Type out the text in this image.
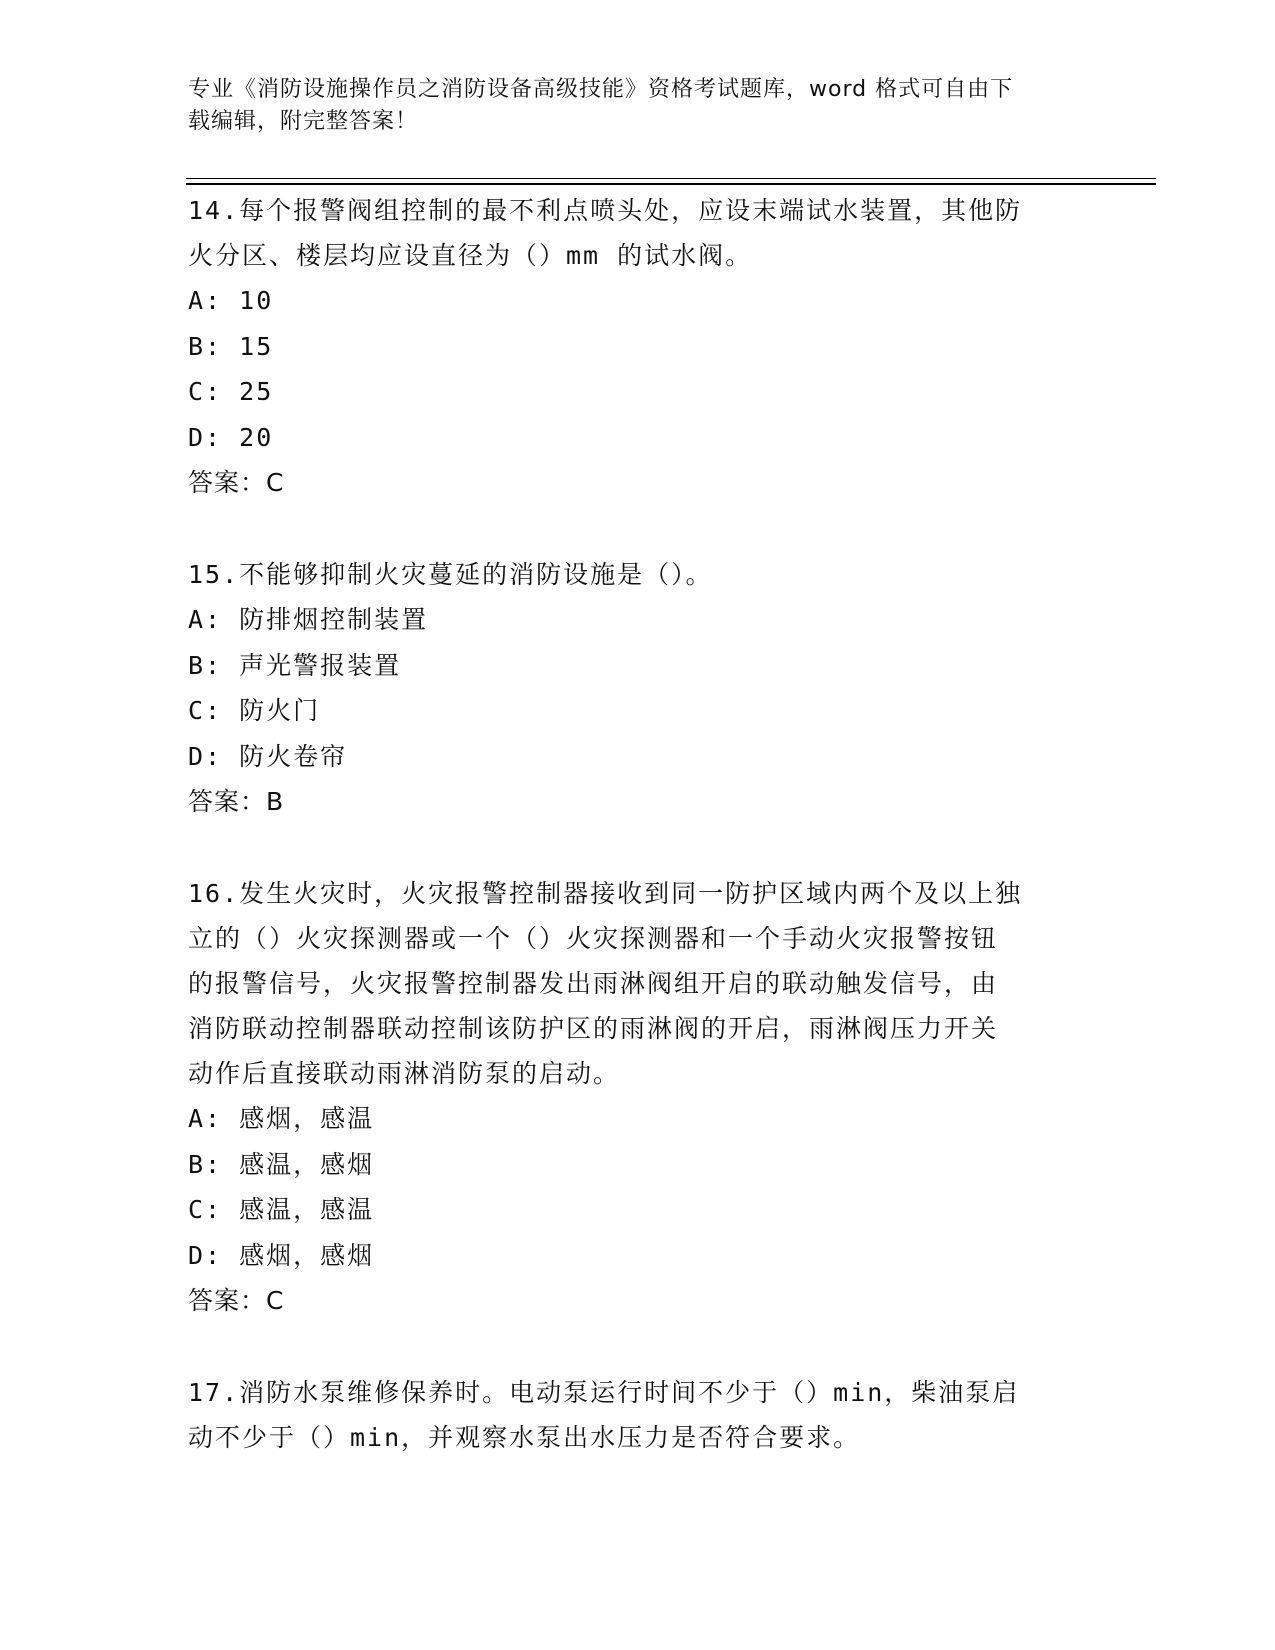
专业《消防设施操作员之消防设备高级技能》资格考试题库，word 格式可自由下
载编辑，附完整答案！
14.每个报警阀组控制的最不利点喷头处，应设末端试水装置，其他防
火分区、楼层均应设直径为（）mm 的试水阀。
A: 10
B: 15
C: 25
D: 20
答案：C
15.不能够抑制火灾蔓延的消防设施是（）。
A: 防排烟控制装置
B: 声光警报装置
C: 防火门
D: 防火卷帘
答案：B
16.发生火灾时，火灾报警控制器接收到同一防护区域内两个及以上独
立的（）火灾探测器或一个（）火灾探测器和一个手动火灾报警按钮
的报警信号，火灾报警控制器发出雨淋阀组开启的联动触发信号，由
消防联动控制器联动控制该防护区的雨淋阀的开启，雨淋阀压力开关
动作后直接联动雨淋消防泵的启动。
A: 感烟，感温
B: 感温，感烟
C: 感温，感温
D: 感烟，感烟
答案：C
17.消防水泵维修保养时。电动泵运行时间不少于（）min，柴油泵启
动不少于（）min，并观察水泵出水压力是否符合要求。
